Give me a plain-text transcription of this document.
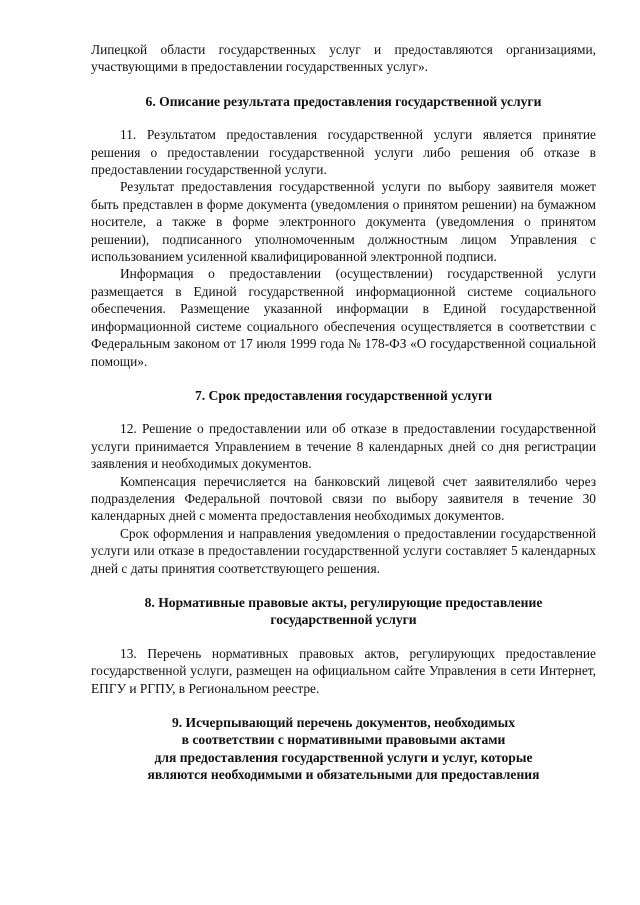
Липецкой области государственных услуг и предоставляются организациями, участвующими в предоставлении государственных услуг».

6. Описание результата предоставления государственной услуги

11. Результатом предоставления государственной услуги является принятие решения о предоставлении государственной услуги либо решения об отказе в предоставлении государственной услуги.

Результат предоставления государственной услуги по выбору заявителя может быть представлен в форме документа (уведомления о принятом решении) на бумажном носителе, а также в форме электронного документа (уведомления о принятом решении), подписанного уполномоченным должностным лицом Управления с использованием усиленной квалифицированной электронной подписи.

Информация о предоставлении (осуществлении) государственной услуги размещается в Единой государственной информационной системе социального обеспечения. Размещение указанной информации в Единой государственной информационной системе социального обеспечения осуществляется в соответствии с Федеральным законом от 17 июля 1999 года № 178-ФЗ «О государственной социальной помощи».

7. Срок предоставления государственной услуги

12. Решение о предоставлении или об отказе в предоставлении государственной услуги принимается Управлением в течение 8 календарных дней со дня регистрации заявления и необходимых документов.

Компенсация перечисляется на банковский лицевой счет заявителялибо через подразделения Федеральной почтовой связи по выбору заявителя в течение 30 календарных дней с момента предоставления необходимых документов.

Срок оформления и направления уведомления о предоставлении государственной услуги или отказе в предоставлении государственной услуги составляет 5 календарных дней с даты принятия соответствующего решения.

8. Нормативные правовые акты, регулирующие предоставление
государственной услуги

13. Перечень нормативных правовых актов, регулирующих предоставление государственной услуги, размещен на официальном сайте Управления в сети Интернет, ЕПГУ и РГПУ, в Региональном реестре.

9. Исчерпывающий перечень документов, необходимых
в соответствии с нормативными правовыми актами
для предоставления государственной услуги и услуг, которые
являются необходимыми и обязательными для предоставления
